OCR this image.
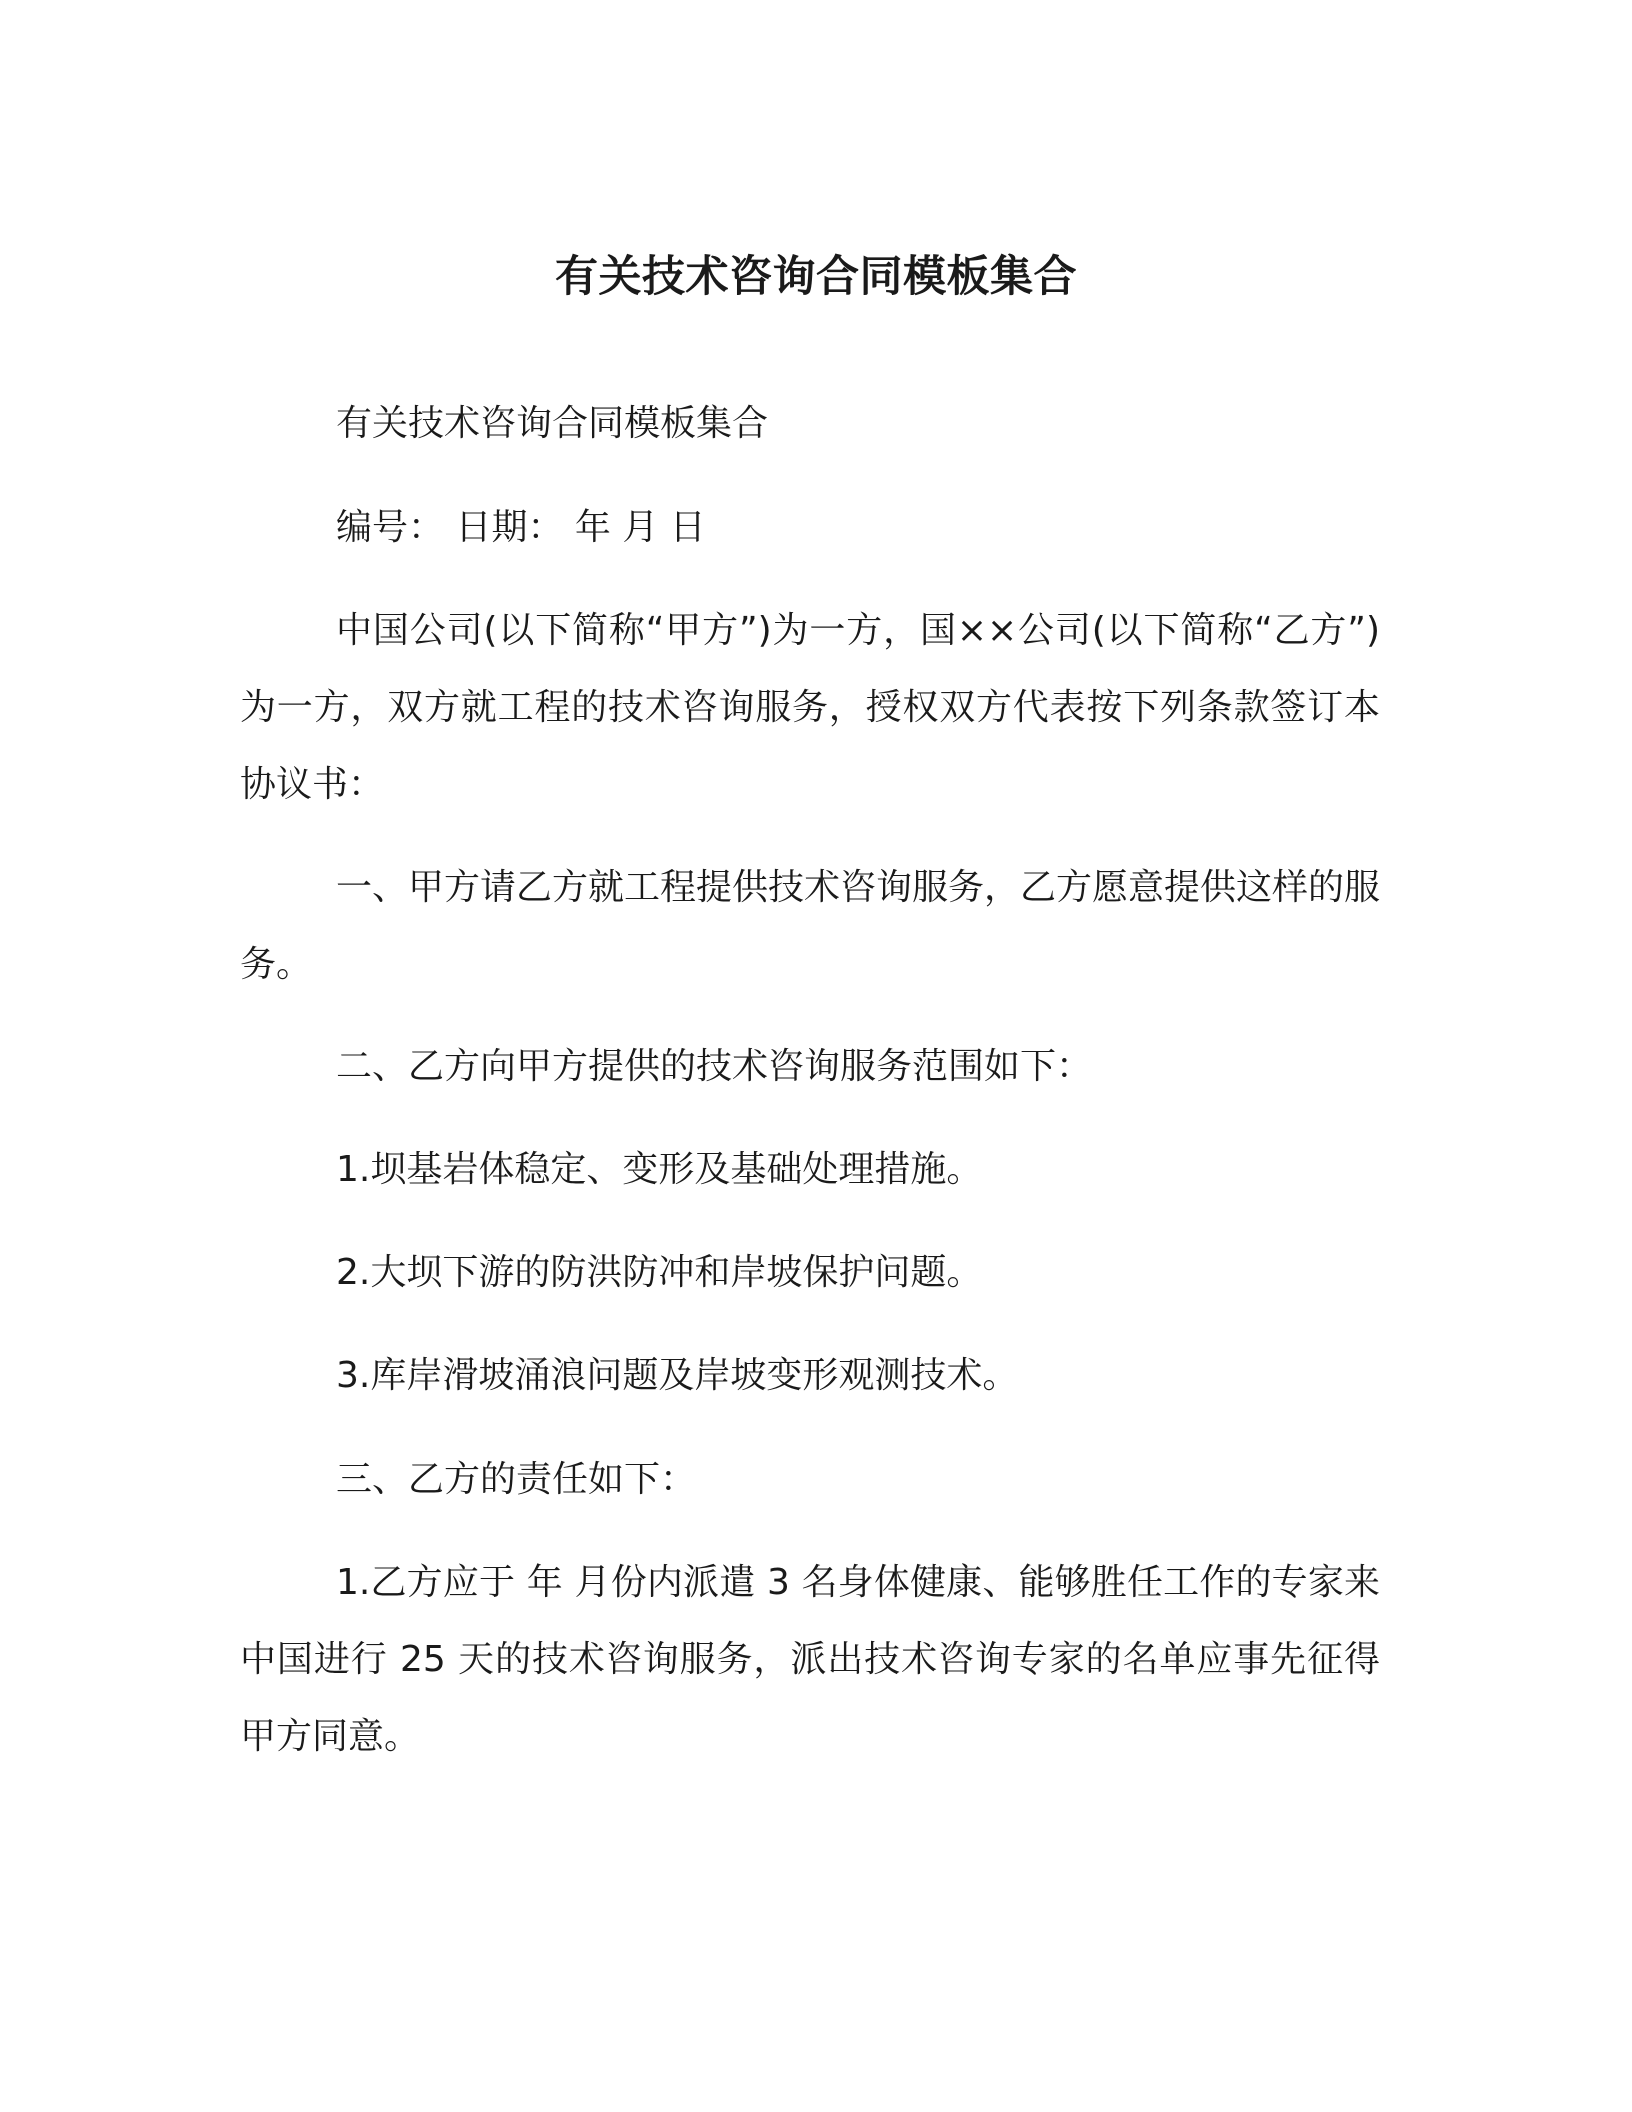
有关技术咨询合同模板集合

有关技术咨询合同模板集合

编号： 日期： 年 月 日

中国公司(以下简称“甲方”)为一方，国××公司(以下简称“乙方”) 为一方，双方就工程的技术咨询服务，授权双方代表按下列条款签订本协议书：

一、甲方请乙方就工程提供技术咨询服务，乙方愿意提供这样的服务。

二、乙方向甲方提供的技术咨询服务范围如下：

1.坝基岩体稳定、变形及基础处理措施。

2.大坝下游的防洪防冲和岸坡保护问题。

3.库岸滑坡涌浪问题及岸坡变形观测技术。

三、乙方的责任如下：

1.乙方应于 年 月份内派遣 3 名身体健康、能够胜任工作的专家来中国进行 25 天的技术咨询服务，派出技术咨询专家的名单应事先征得甲方同意。
